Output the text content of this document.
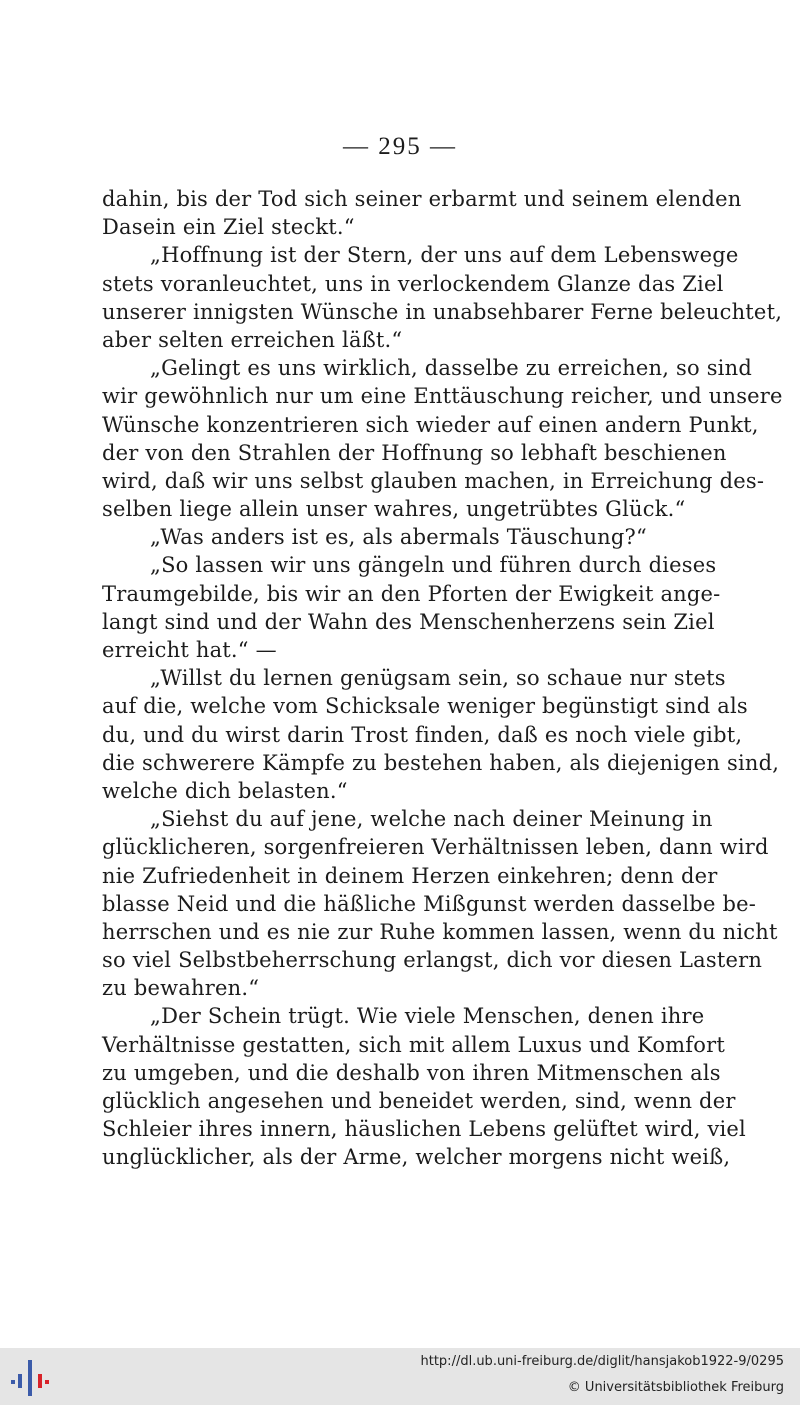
— 295 —
dahin, bis der Tod sich seiner erbarmt und seinem elenden
Dasein ein Ziel steckt.“
„Hoffnung ist der Stern, der uns auf dem Lebenswege
stets voranleuchtet, uns in verlockendem Glanze das Ziel
unserer innigsten Wünsche in unabsehbarer Ferne beleuchtet,
aber selten erreichen läßt.“
„Gelingt es uns wirklich, dasselbe zu erreichen, so sind
wir gewöhnlich nur um eine Enttäuschung reicher, und unsere
Wünsche konzentrieren sich wieder auf einen andern Punkt,
der von den Strahlen der Hoffnung so lebhaft beschienen
wird, daß wir uns selbst glauben machen, in Erreichung des-
selben liege allein unser wahres, ungetrübtes Glück.“
„Was anders ist es, als abermals Täuschung?“
„So lassen wir uns gängeln und führen durch dieses
Traumgebilde, bis wir an den Pforten der Ewigkeit ange-
langt sind und der Wahn des Menschenherzens sein Ziel
erreicht hat.“ —
„Willst du lernen genügsam sein, so schaue nur stets
auf die, welche vom Schicksale weniger begünstigt sind als
du, und du wirst darin Trost finden, daß es noch viele gibt,
die schwerere Kämpfe zu bestehen haben, als diejenigen sind,
welche dich belasten.“
„Siehst du auf jene, welche nach deiner Meinung in
glücklicheren, sorgenfreieren Verhältnissen leben, dann wird
nie Zufriedenheit in deinem Herzen einkehren; denn der
blasse Neid und die häßliche Mißgunst werden dasselbe be-
herrschen und es nie zur Ruhe kommen lassen, wenn du nicht
so viel Selbstbeherrschung erlangst, dich vor diesen Lastern
zu bewahren.“
„Der Schein trügt. Wie viele Menschen, denen ihre
Verhältnisse gestatten, sich mit allem Luxus und Komfort
zu umgeben, und die deshalb von ihren Mitmenschen als
glücklich angesehen und beneidet werden, sind, wenn der
Schleier ihres innern, häuslichen Lebens gelüftet wird, viel
unglücklicher, als der Arme, welcher morgens nicht weiß,
http://dl.ub.uni-freiburg.de/diglit/hansjakob1922-9/0295
© Universitätsbibliothek Freiburg
